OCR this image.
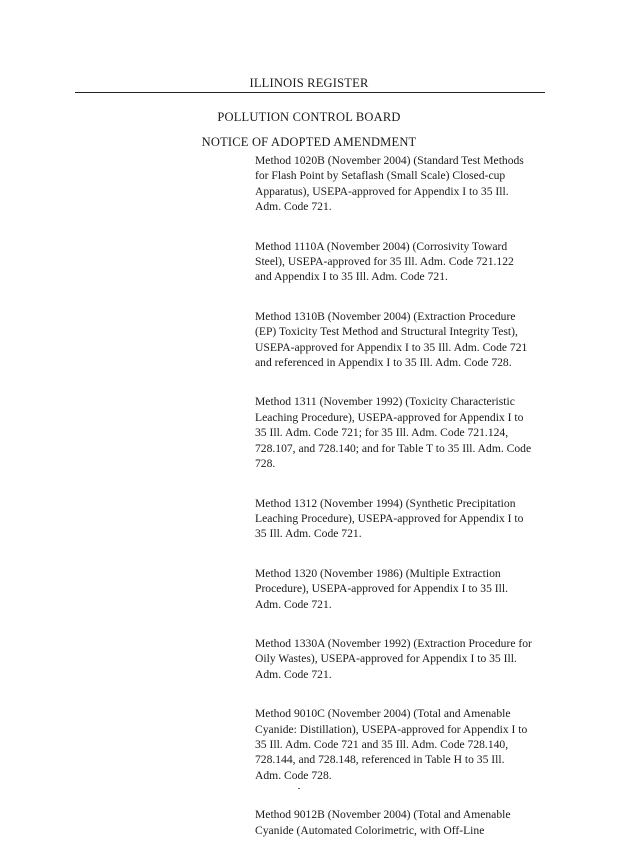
ILLINOIS REGISTER
POLLUTION CONTROL BOARD
NOTICE OF ADOPTED AMENDMENT
Method 1020B (November 2004) (Standard Test Methods
for Flash Point by Setaflash (Small Scale) Closed-cup
Apparatus), USEPA-approved for Appendix I to 35 Ill.
Adm. Code 721.
Method 1110A (November 2004) (Corrosivity Toward
Steel), USEPA-approved for 35 Ill. Adm. Code 721.122
and Appendix I to 35 Ill. Adm. Code 721.
Method 1310B (November 2004) (Extraction Procedure
(EP) Toxicity Test Method and Structural Integrity Test),
USEPA-approved for Appendix I to 35 Ill. Adm. Code 721
and referenced in Appendix I to 35 Ill. Adm. Code 728.
Method 1311 (November 1992) (Toxicity Characteristic
Leaching Procedure), USEPA-approved for Appendix I to
35 Ill. Adm. Code 721; for 35 Ill. Adm. Code 721.124,
728.107, and 728.140; and for Table T to 35 Ill. Adm. Code
728.
Method 1312 (November 1994) (Synthetic Precipitation
Leaching Procedure), USEPA-approved for Appendix I to
35 Ill. Adm. Code 721.
Method 1320 (November 1986) (Multiple Extraction
Procedure), USEPA-approved for Appendix I to 35 Ill.
Adm. Code 721.
Method 1330A (November 1992) (Extraction Procedure for
Oily Wastes), USEPA-approved for Appendix I to 35 Ill.
Adm. Code 721.
Method 9010C (November 2004) (Total and Amenable
Cyanide: Distillation), USEPA-approved for Appendix I to
35 Ill. Adm. Code 721 and 35 Ill. Adm. Code 728.140,
728.144, and 728.148, referenced in Table H to 35 Ill.
Adm. Code 728.
Method 9012B (November 2004) (Total and Amenable
Cyanide (Automated Colorimetric, with Off-Line
